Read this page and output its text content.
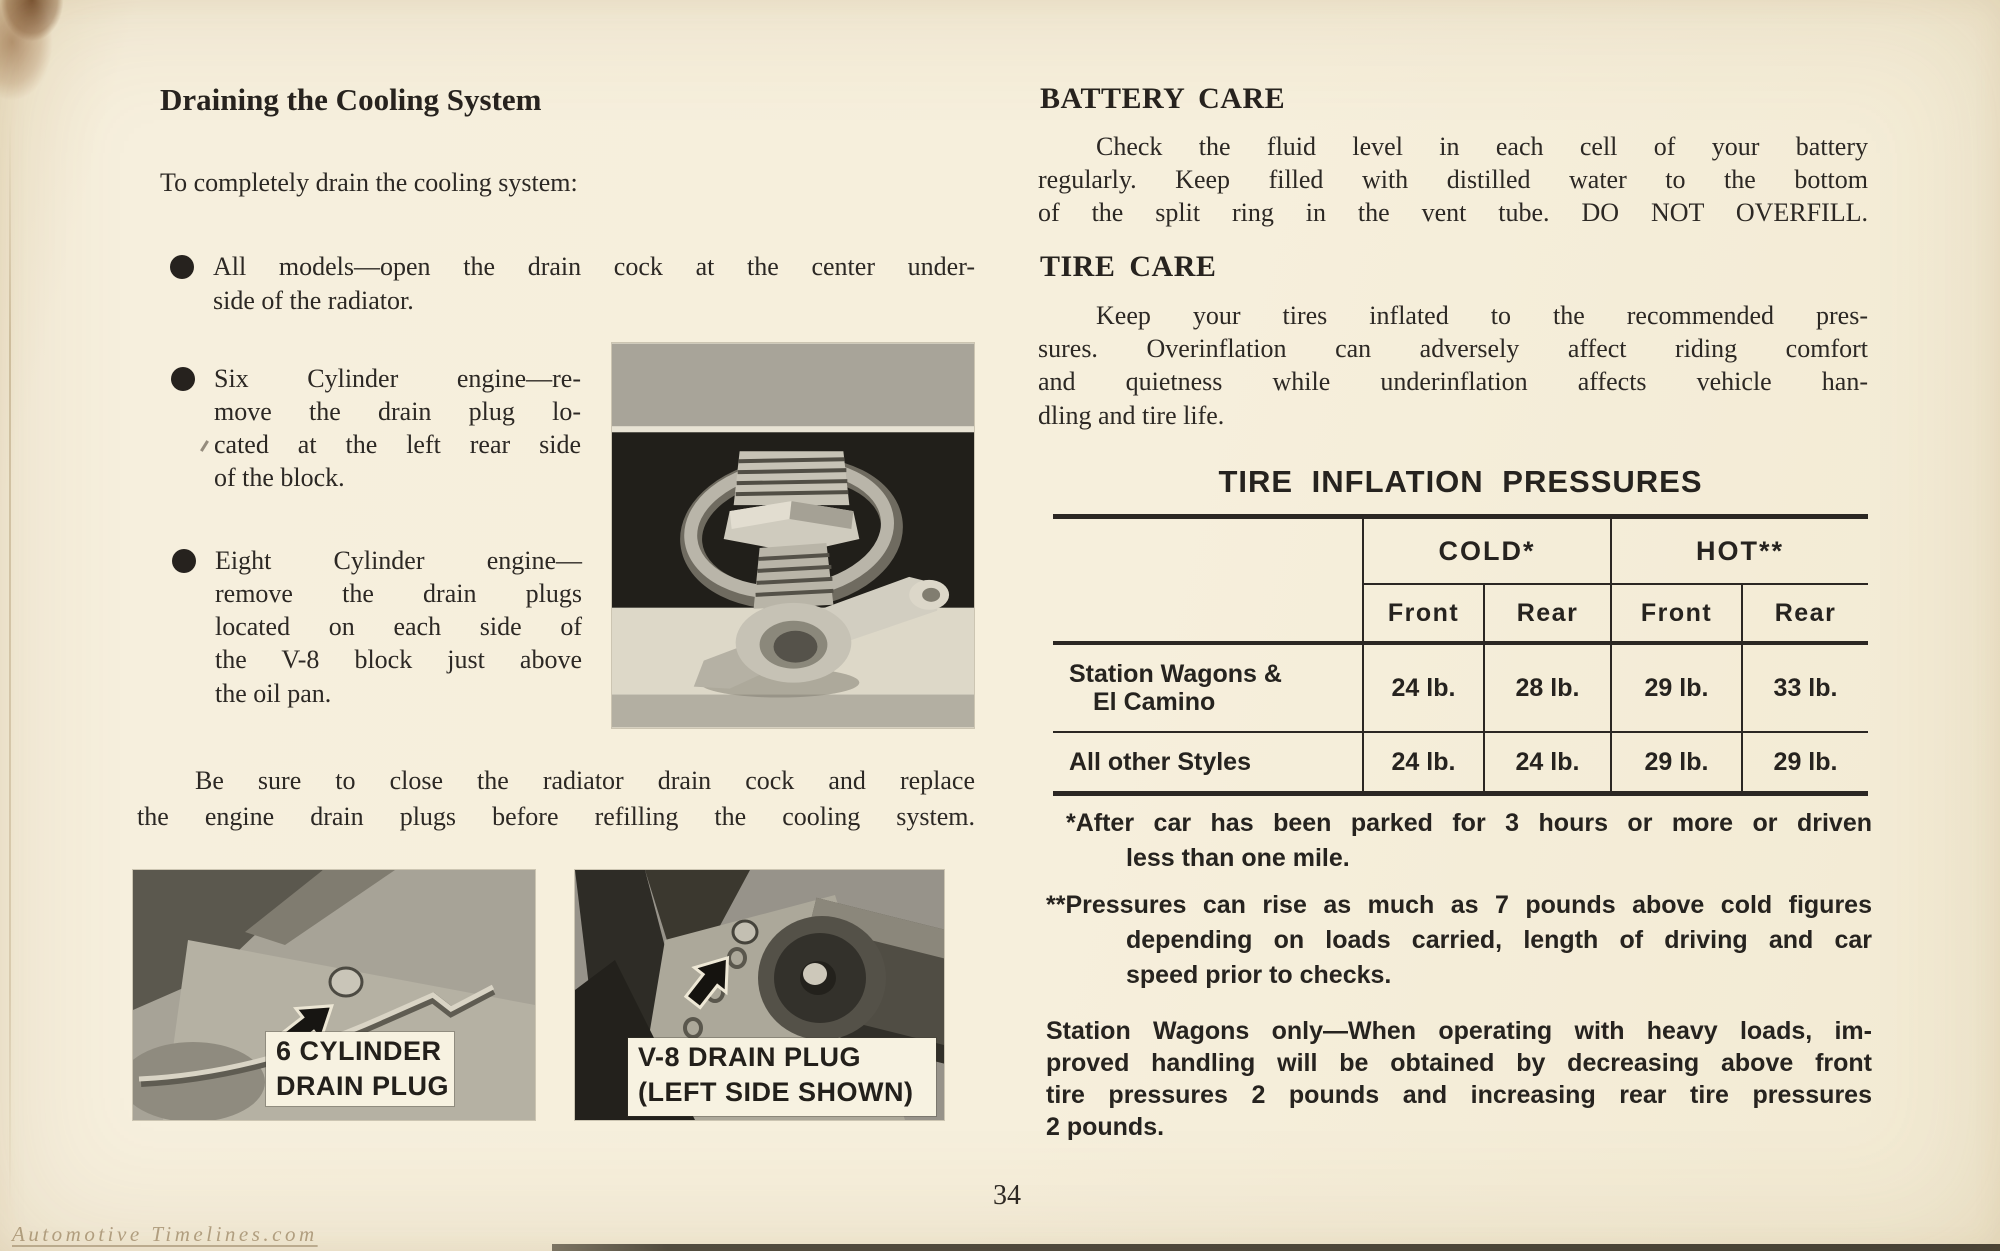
Draining the Cooling System
To completely drain the cooling system:
All models—open the drain cock at the center under-
side of the radiator.
Six Cylinder engine—re-
move the drain plug lo-
cated at the left rear side
of the block.
Eight Cylinder engine—
remove the drain plugs
located on each side of
the V-8 block just above
the oil pan.
Be sure to close the radiator drain cock and replace
the engine drain plugs before refilling the cooling system.
6 CYLINDER
DRAIN PLUG
V-8 DRAIN PLUG
(LEFT SIDE SHOWN)
BATTERY CARE
Check the fluid level in each cell of your battery
regularly. Keep filled with distilled water to the bottom
of the split ring in the vent tube. DO NOT OVERFILL.
TIRE CARE
Keep your tires inflated to the recommended pres-
sures. Overinflation can adversely affect riding comfort
and quietness while underinflation affects vehicle han-
dling and tire life.
TIRE INFLATION PRESSURES
	COLD*		HOT**	
	Front	Rear	Front	Rear

Station Wagons &
El Camino	24 lb.	28 lb.	29 lb.	33 lb.
All other Styles	24 lb.	24 lb.	29 lb.	29 lb.
*After car has been parked for 3 hours or more or driven
less than one mile.
**Pressures can rise as much as 7 pounds above cold figures
depending on loads carried, length of driving and car
speed prior to checks.
Station Wagons only—When operating with heavy loads, im-
proved handling will be obtained by decreasing above front
tire pressures 2 pounds and increasing rear tire pressures
2 pounds.
34
Automotive Timelines.com
